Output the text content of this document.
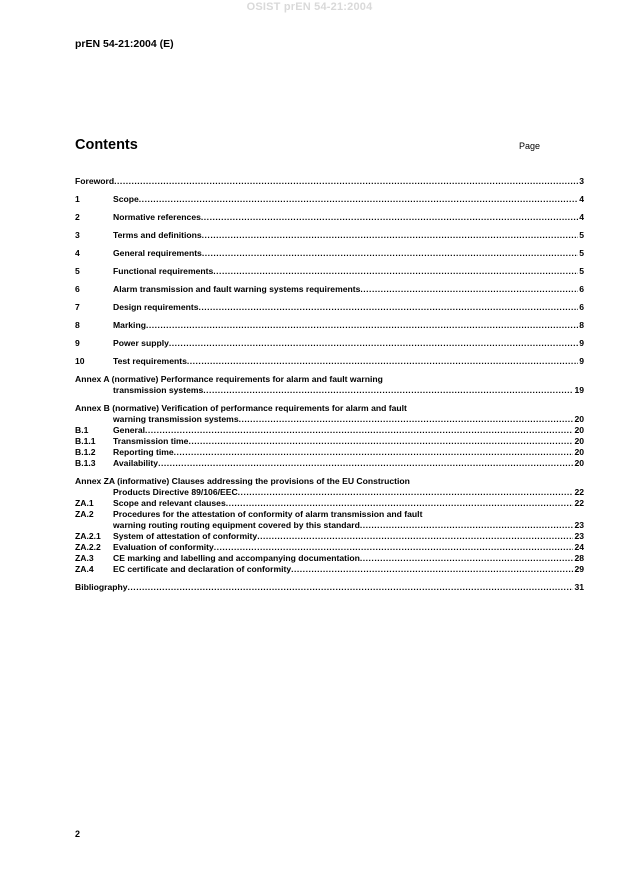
OSIST prEN 54-21:2004
prEN 54-21:2004 (E)
Contents	Page
Foreword .....	3
1	Scope .....	4
2	Normative references .....	4
3	Terms and definitions .....	5
4	General requirements .....	5
5	Functional requirements .....	5
6	Alarm transmission and fault warning systems requirements .....	6
7	Design requirements .....	6
8	Marking .....	8
9	Power supply .....	9
10	Test requirements .....	9
Annex A (normative) Performance requirements for alarm and fault warning
transmission systems .....	19
Annex B (normative) Verification of performance requirements for alarm and fault
warning transmission systems .....	20
B.1	General .....	20
B.1.1 Transmission time .....	20
B.1.2 Reporting time .....	20
B.1.3 Availability .....	20
Annex ZA (informative) Clauses addressing the provisions of the EU Construction
Products Directive 89/106/EEC .....	22
ZA.1 Scope and relevant clauses .....	22
ZA.2 Procedures for the attestation of conformity of alarm transmission and fault
warning routing routing equipment covered by this standard .....	23
ZA.2.1 System of attestation of conformity .....	23
ZA.2.2 Evaluation of conformity .....	24
ZA.3 CE marking and labelling and accompanying documentation .....	28
ZA.4 EC certificate and declaration of conformity .....	29
Bibliography .....	31
2
